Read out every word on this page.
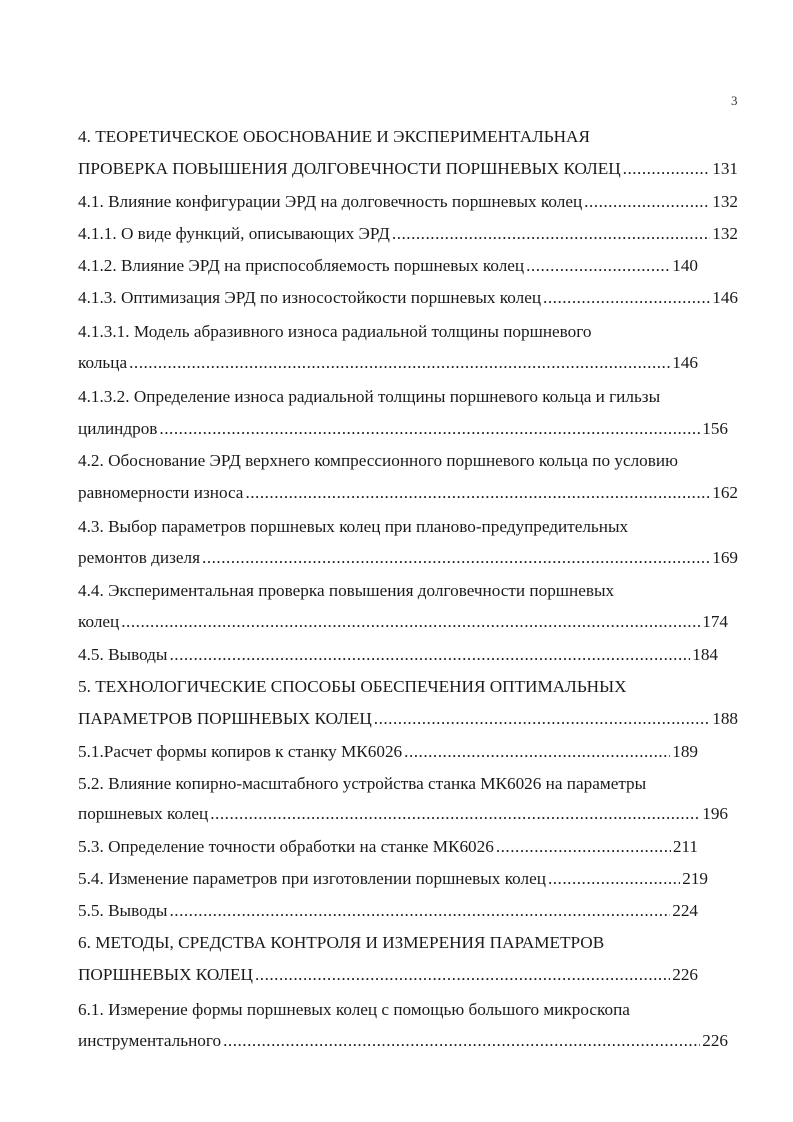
3
4. ТЕОРЕТИЧЕСКОЕ ОБОСНОВАНИЕ И ЭКСПЕРИМЕНТАЛЬНАЯ
ПРОВЕРКА ПОВЫШЕНИЯ ДОЛГОВЕЧНОСТИ ПОРШНЕВЫХ КОЛЕЦ .....	131
4.1. Влияние конфигурации ЭРД на долговечность поршневых колец .....	132
4.1.1. О виде функций, описывающих ЭРД .....	132
4.1.2. Влияние ЭРД на приспособляемость поршневых колец .....	140
4.1.3. Оптимизация ЭРД по износостойкости поршневых колец .....	146
4.1.3.1. Модель абразивного износа радиальной толщины поршневого
кольца .....	146
4.1.3.2. Определение износа радиальной толщины поршневого кольца и гильзы
цилиндров .....	156
4.2. Обоснование ЭРД верхнего компрессионного поршневого кольца по условию
равномерности износа .....	162
4.3. Выбор параметров поршневых колец при планово-предупредительных
ремонтов дизеля .....	169
4.4. Экспериментальная проверка повышения долговечности поршневых
колец .....	174
4.5. Выводы .....	184
5. ТЕХНОЛОГИЧЕСКИЕ СПОСОБЫ ОБЕСПЕЧЕНИЯ ОПТИМАЛЬНЫХ
ПАРАМЕТРОВ ПОРШНЕВЫХ КОЛЕЦ .....	188
5.1.Расчет формы копиров к станку МК6026 .....	189
5.2. Влияние копирно-масштабного устройства станка МК6026 на параметры
поршневых колец .....	196
5.3. Определение точности обработки на станке МК6026 .....	211
5.4. Изменение параметров при изготовлении поршневых колец .....	219
5.5. Выводы .....	224
6. МЕТОДЫ, СРЕДСТВА КОНТРОЛЯ И ИЗМЕРЕНИЯ ПАРАМЕТРОВ
ПОРШНЕВЫХ КОЛЕЦ .....	226
6.1. Измерение формы поршневых колец с помощью большого микроскопа
инструментального .....	226
